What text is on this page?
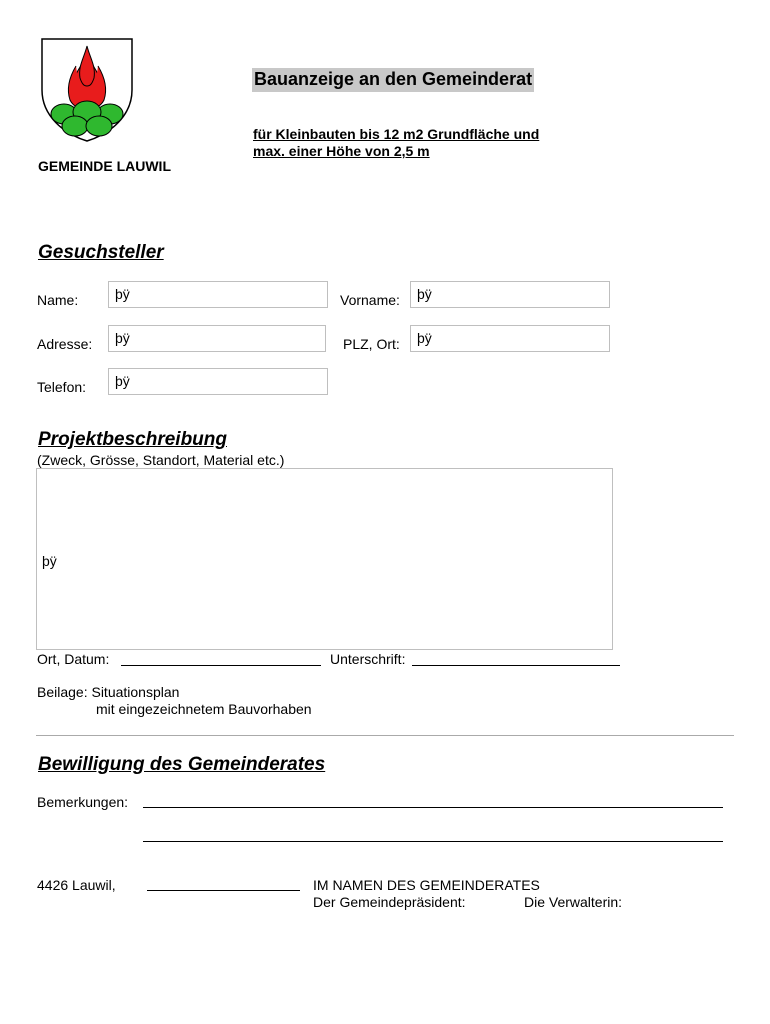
GEMEINDE LAUWIL
Bauanzeige an den Gemeinderat
für Kleinbauten bis 12 m2 Grundfläche und
max. einer Höhe von 2,5 m
Gesuchsteller
Name:	þÿ	Vorname:	þÿ
Adresse:	þÿ	PLZ, Ort:	þÿ
Telefon:	þÿ
Projektbeschreibung
(Zweck, Grösse, Standort, Material etc.)
þÿ
Ort, Datum:	Unterschrift:
Beilage: Situationsplan
mit eingezeichnetem Bauvorhaben
Bewilligung des Gemeinderates
Bemerkungen:
4426 Lauwil,	IM NAMEN DES GEMEINDERATES
Der Gemeindepräsident:	Die Verwalterin:
